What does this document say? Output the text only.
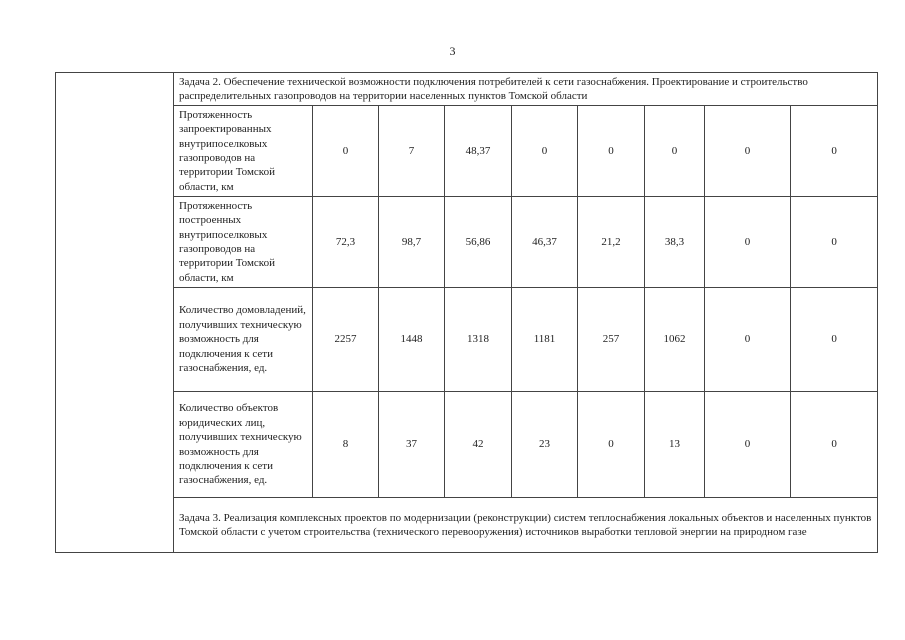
3
	Задача 2. Обеспечение технической возможности подключения потребителей к сети газоснабжения. Проектирование и строительство распределительных газопроводов на территории населенных пунктов Томской области								
	Протяженность запроектированных внутрипоселковых газопроводов на территории Томской области, км	0	7	48,37	0	0	0	0	0
	Протяженность построенных внутрипоселковых газопроводов на территории Томской области, км	72,3	98,7	56,86	46,37	21,2	38,3	0	0
	Количество домовладений, получивших техническую возможность для подключения к сети газоснабжения, ед.	2257	1448	1318	1181	257	1062	0	0
	Количество объектов юридических лиц, получивших техническую возможность для подключения к сети газоснабжения, ед.	8	37	42	23	0	13	0	0
	Задача 3. Реализация комплексных проектов по модернизации (реконструкции) систем теплоснабжения локальных объектов и населенных пунктов Томской области с учетом строительства (технического перевооружения) источников выработки тепловой энергии на природном газе								
